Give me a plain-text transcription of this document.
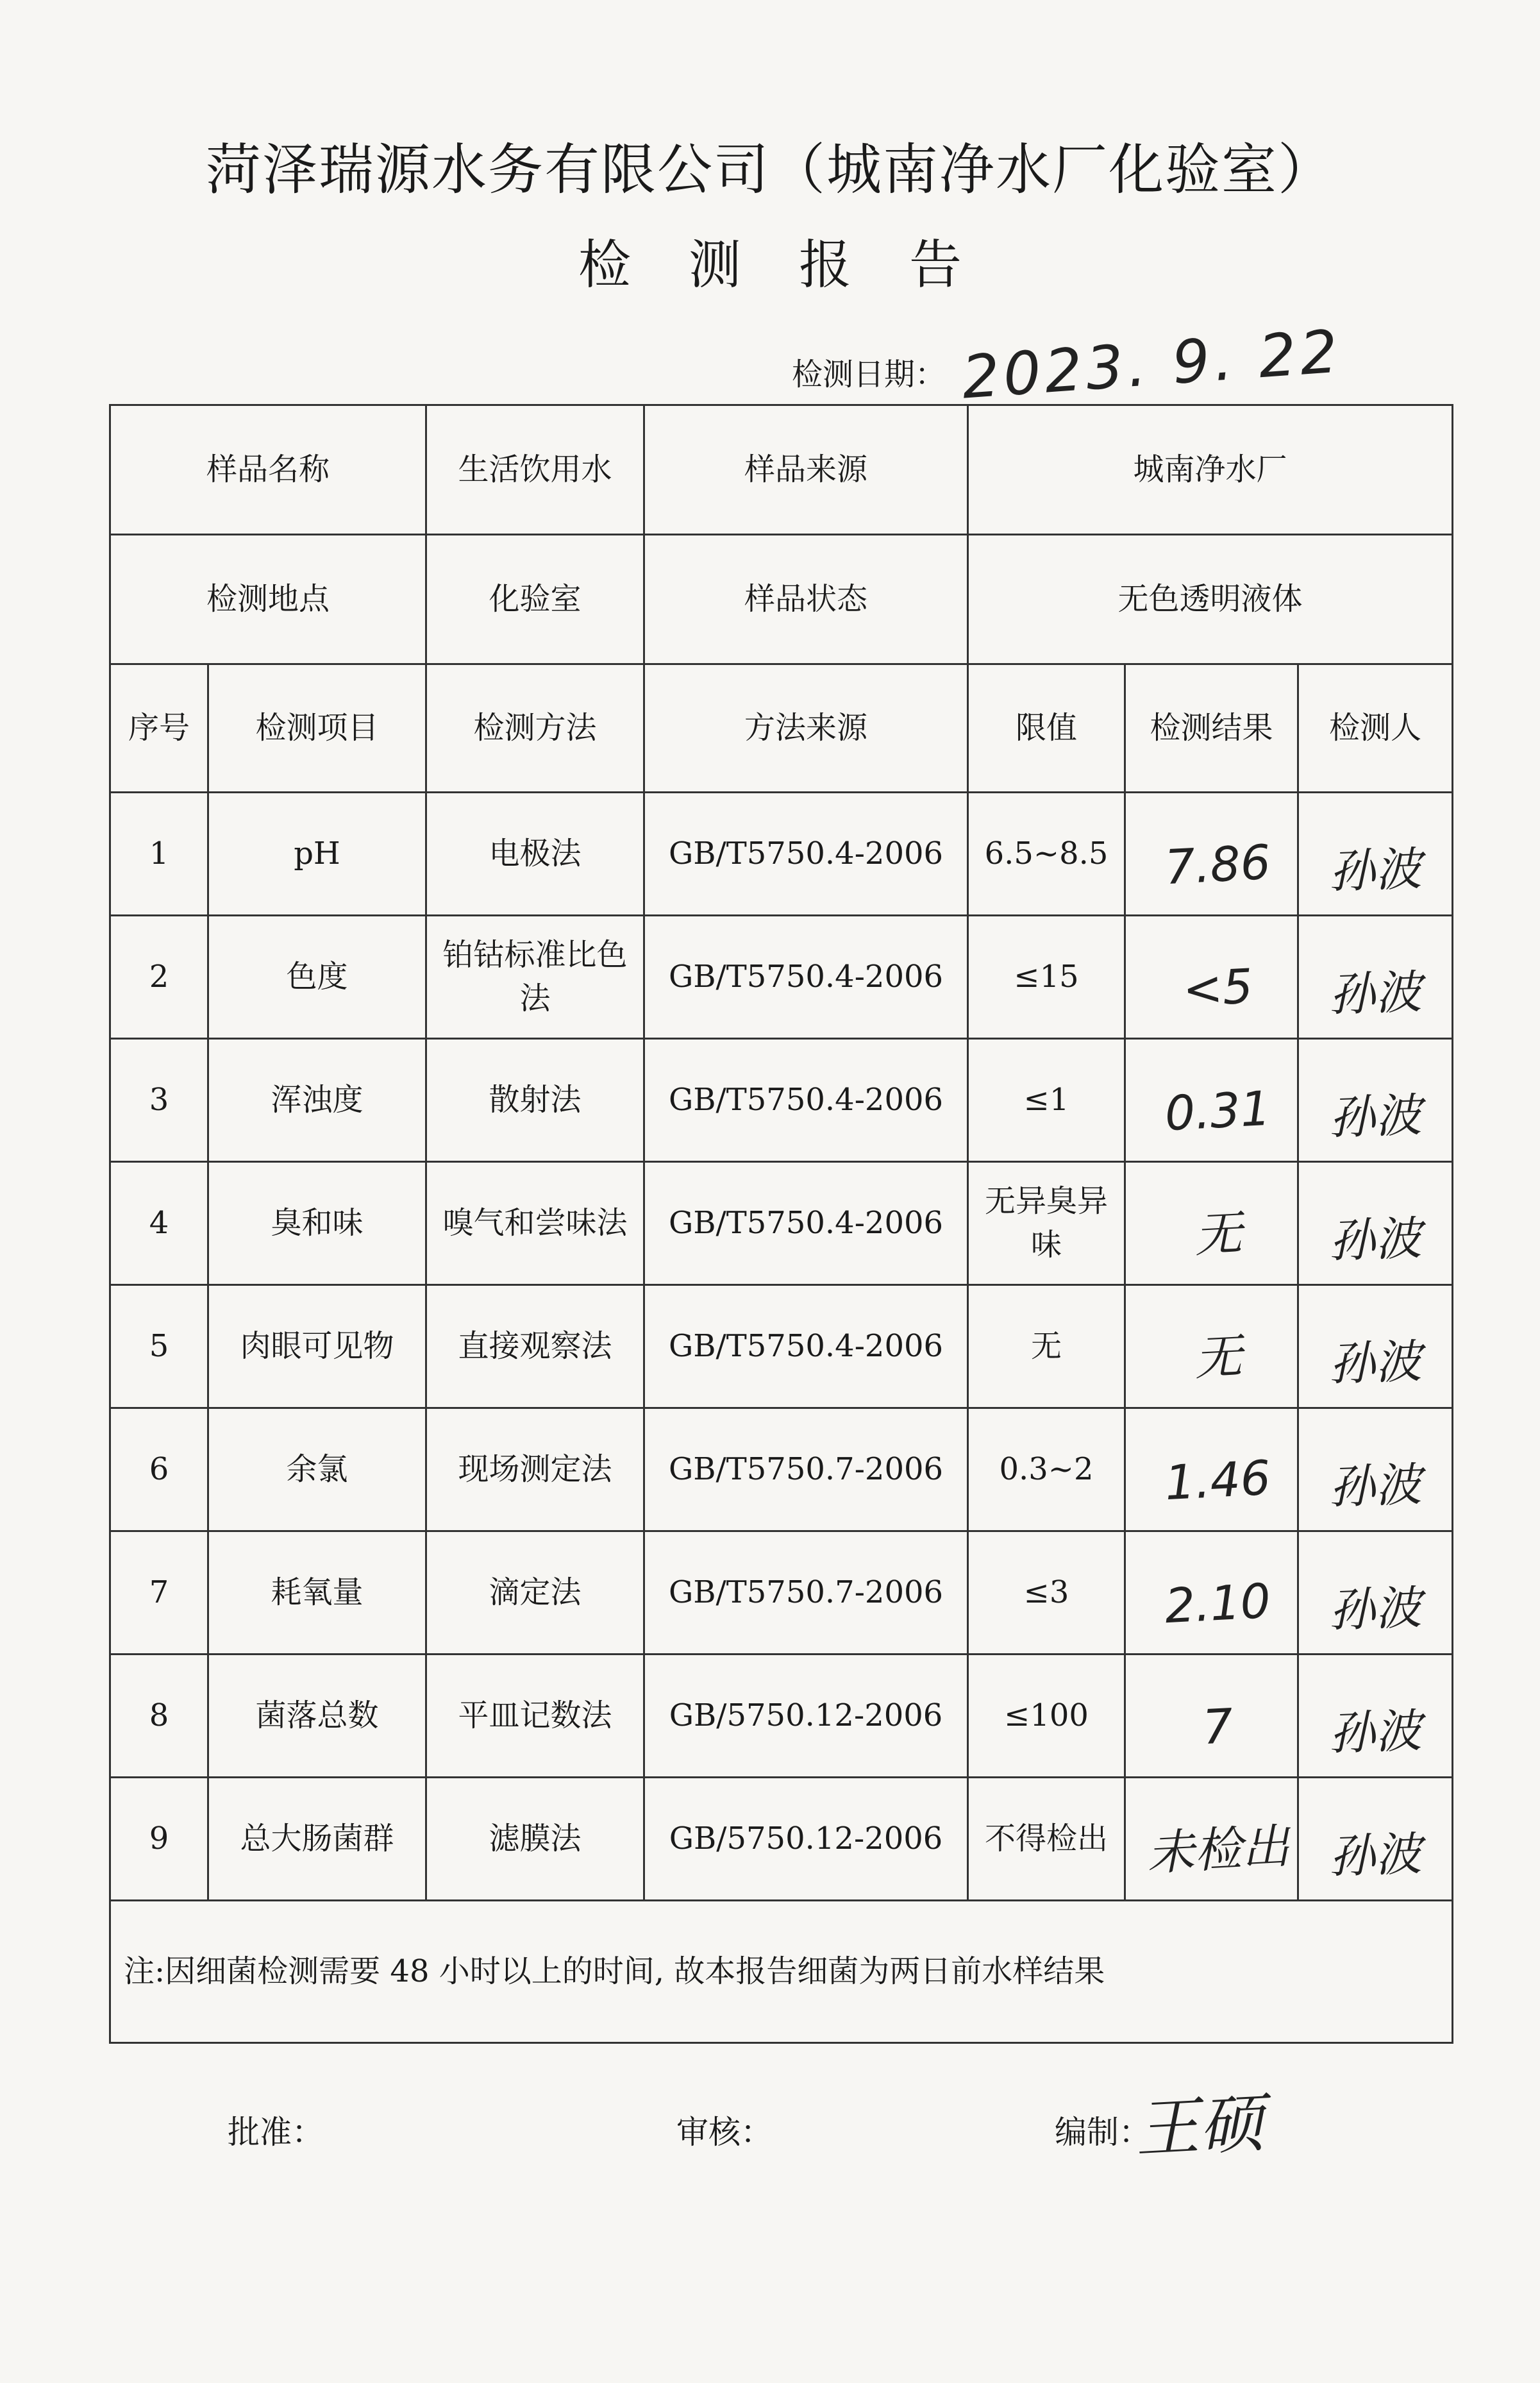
菏泽瑞源水务有限公司（城南净水厂化验室）
检测报告
检测日期： 2023. 9. 22
样品名称		生活饮用水	样品来源	城南净水厂		
检测地点		化验室	样品状态	无色透明液体		
序号	检测项目	检测方法	方法来源	限值	检测结果	检测人
1	pH	电极法	GB/T5750.4-2006	6.5~8.5	7.86	孙波
2	色度	铂钴标准比色法	GB/T5750.4-2006	≤15	<5	孙波
3	浑浊度	散射法	GB/T5750.4-2006	≤1	0.31	孙波
4	臭和味	嗅气和尝味法	GB/T5750.4-2006	无异臭异味	无	孙波
5	肉眼可见物	直接观察法	GB/T5750.4-2006	无	无	孙波
6	余氯	现场测定法	GB/T5750.7-2006	0.3~2	1.46	孙波
7	耗氧量	滴定法	GB/T5750.7-2006	≤3	2.10	孙波
8	菌落总数	平皿记数法	GB/5750.12-2006	≤100	7	孙波
9	总大肠菌群	滤膜法	GB/5750.12-2006	不得检出	未检出	孙波
注:因细菌检测需要 48 小时以上的时间, 故本报告细菌为两日前水样结果						
批准：	审核：	编制：
王硕
